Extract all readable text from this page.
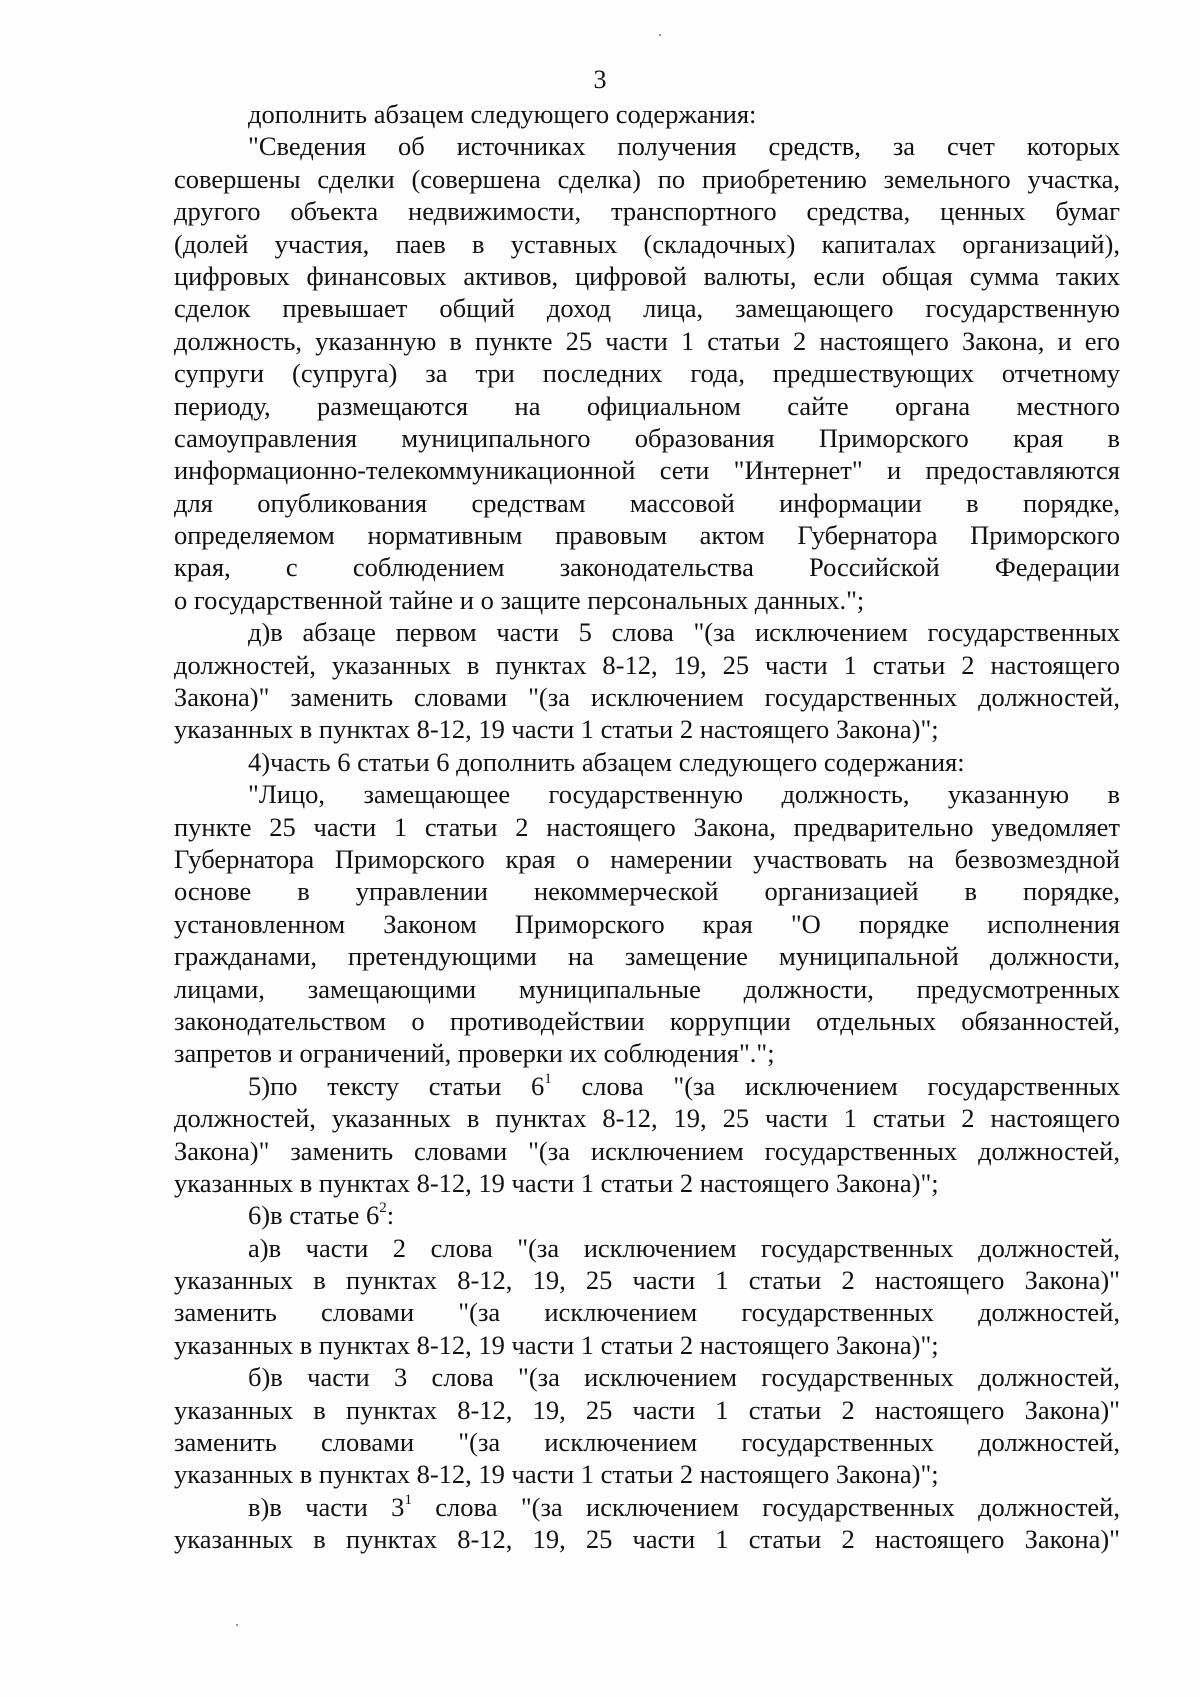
3
дополнить абзацем следующего содержания:
"Сведения об источниках получения средств, за счет которых
совершены сделки (совершена сделка) по приобретению земельного участка,
другого объекта недвижимости, транспортного средства, ценных бумаг
(долей участия, паев в уставных (складочных) капиталах организаций),
цифровых финансовых активов, цифровой валюты, если общая сумма таких
сделок превышает общий доход лица, замещающего государственную
должность, указанную в пункте 25 части 1 статьи 2 настоящего Закона, и его
супруги (супруга) за три последних года, предшествующих отчетному
периоду, размещаются на официальном сайте органа местного
самоуправления муниципального образования Приморского края в
информационно-телекоммуникационной сети "Интернет" и предоставляются
для опубликования средствам массовой информации в порядке,
определяемом нормативным правовым актом Губернатора Приморского
края, с соблюдением законодательства Российской Федерации
о государственной тайне и о защите персональных данных.";
д)в абзаце первом части 5 слова "(за исключением государственных
должностей, указанных в пунктах 8-12, 19, 25 части 1 статьи 2 настоящего
Закона)" заменить словами "(за исключением государственных должностей,
указанных в пунктах 8-12, 19 части 1 статьи 2 настоящего Закона)";
4)часть 6 статьи 6 дополнить абзацем следующего содержания:
"Лицо, замещающее государственную должность, указанную в
пункте 25 части 1 статьи 2 настоящего Закона, предварительно уведомляет
Губернатора Приморского края о намерении участвовать на безвозмездной
основе в управлении некоммерческой организацией в порядке,
установленном Законом Приморского края "О порядке исполнения
гражданами, претендующими на замещение муниципальной должности,
лицами, замещающими муниципальные должности, предусмотренных
законодательством о противодействии коррупции отдельных обязанностей,
запретов и ограничений, проверки их соблюдения".";
5)по тексту статьи $6^1$ слова "(за исключением государственных
должностей, указанных в пунктах 8-12, 19, 25 части 1 статьи 2 настоящего
Закона)" заменить словами "(за исключением государственных должностей,
указанных в пунктах 8-12, 19 части 1 статьи 2 настоящего Закона)";
6)в статье $6^2$:
а)в части 2 слова "(за исключением государственных должностей,
указанных в пунктах 8-12, 19, 25 части 1 статьи 2 настоящего Закона)"
заменить словами "(за исключением государственных должностей,
указанных в пунктах 8-12, 19 части 1 статьи 2 настоящего Закона)";
б)в части 3 слова "(за исключением государственных должностей,
указанных в пунктах 8-12, 19, 25 части 1 статьи 2 настоящего Закона)"
заменить словами "(за исключением государственных должностей,
указанных в пунктах 8-12, 19 части 1 статьи 2 настоящего Закона)";
в)в части $3^1$ слова "(за исключением государственных должностей,
указанных в пунктах 8-12, 19, 25 части 1 статьи 2 настоящего Закона)"
